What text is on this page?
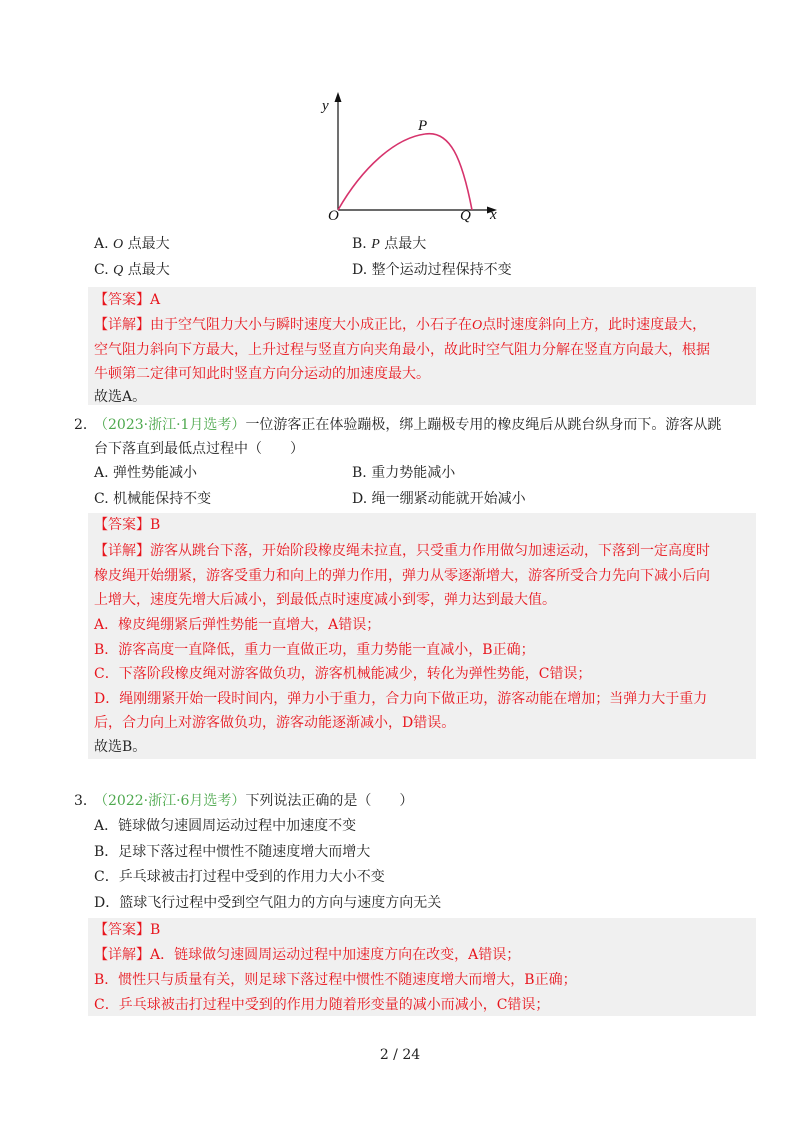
y
x
O
P
Q
A. O 点最大	B. P 点最大
C. Q 点最大	D. 整个运动过程保持不变
【答案】A
【详解】由于空气阻力大小与瞬时速度大小成正比，小石子在O点时速度斜向上方，此时速度最大，
空气阻力斜向下方最大，上升过程与竖直方向夹角最小，故此时空气阻力分解在竖直方向最大，根据
牛顿第二定律可知此时竖直方向分运动的加速度最大。
故选A。
2．
（2023·浙江·1月选考）一位游客正在体验蹦极，绑上蹦极专用的橡皮绳后从跳台纵身而下。游客从跳
台下落直到最低点过程中（　　）
A. 弹性势能减小	B. 重力势能减小
C. 机械能保持不变	D. 绳一绷紧动能就开始减小
【答案】B
【详解】游客从跳台下落，开始阶段橡皮绳未拉直，只受重力作用做匀加速运动，下落到一定高度时
橡皮绳开始绷紧，游客受重力和向上的弹力作用，弹力从零逐渐增大，游客所受合力先向下减小后向
上增大，速度先增大后减小，到最低点时速度减小到零，弹力达到最大值。
A．橡皮绳绷紧后弹性势能一直增大，A错误；
B．游客高度一直降低，重力一直做正功，重力势能一直减小，B正确；
C．下落阶段橡皮绳对游客做负功，游客机械能减少，转化为弹性势能，C错误；
D．绳刚绷紧开始一段时间内，弹力小于重力，合力向下做正功，游客动能在增加；当弹力大于重力
后，合力向上对游客做负功，游客动能逐渐减小，D错误。
故选B。
3．
（2022·浙江·6月选考）下列说法正确的是（　　）
A．链球做匀速圆周运动过程中加速度不变
B．足球下落过程中惯性不随速度增大而增大
C．乒乓球被击打过程中受到的作用力大小不变
D．篮球飞行过程中受到空气阻力的方向与速度方向无关
【答案】B
【详解】A．链球做匀速圆周运动过程中加速度方向在改变，A错误；
B．惯性只与质量有关，则足球下落过程中惯性不随速度增大而增大，B正确；
C．乒乓球被击打过程中受到的作用力随着形变量的减小而减小，C错误；
2 / 24
